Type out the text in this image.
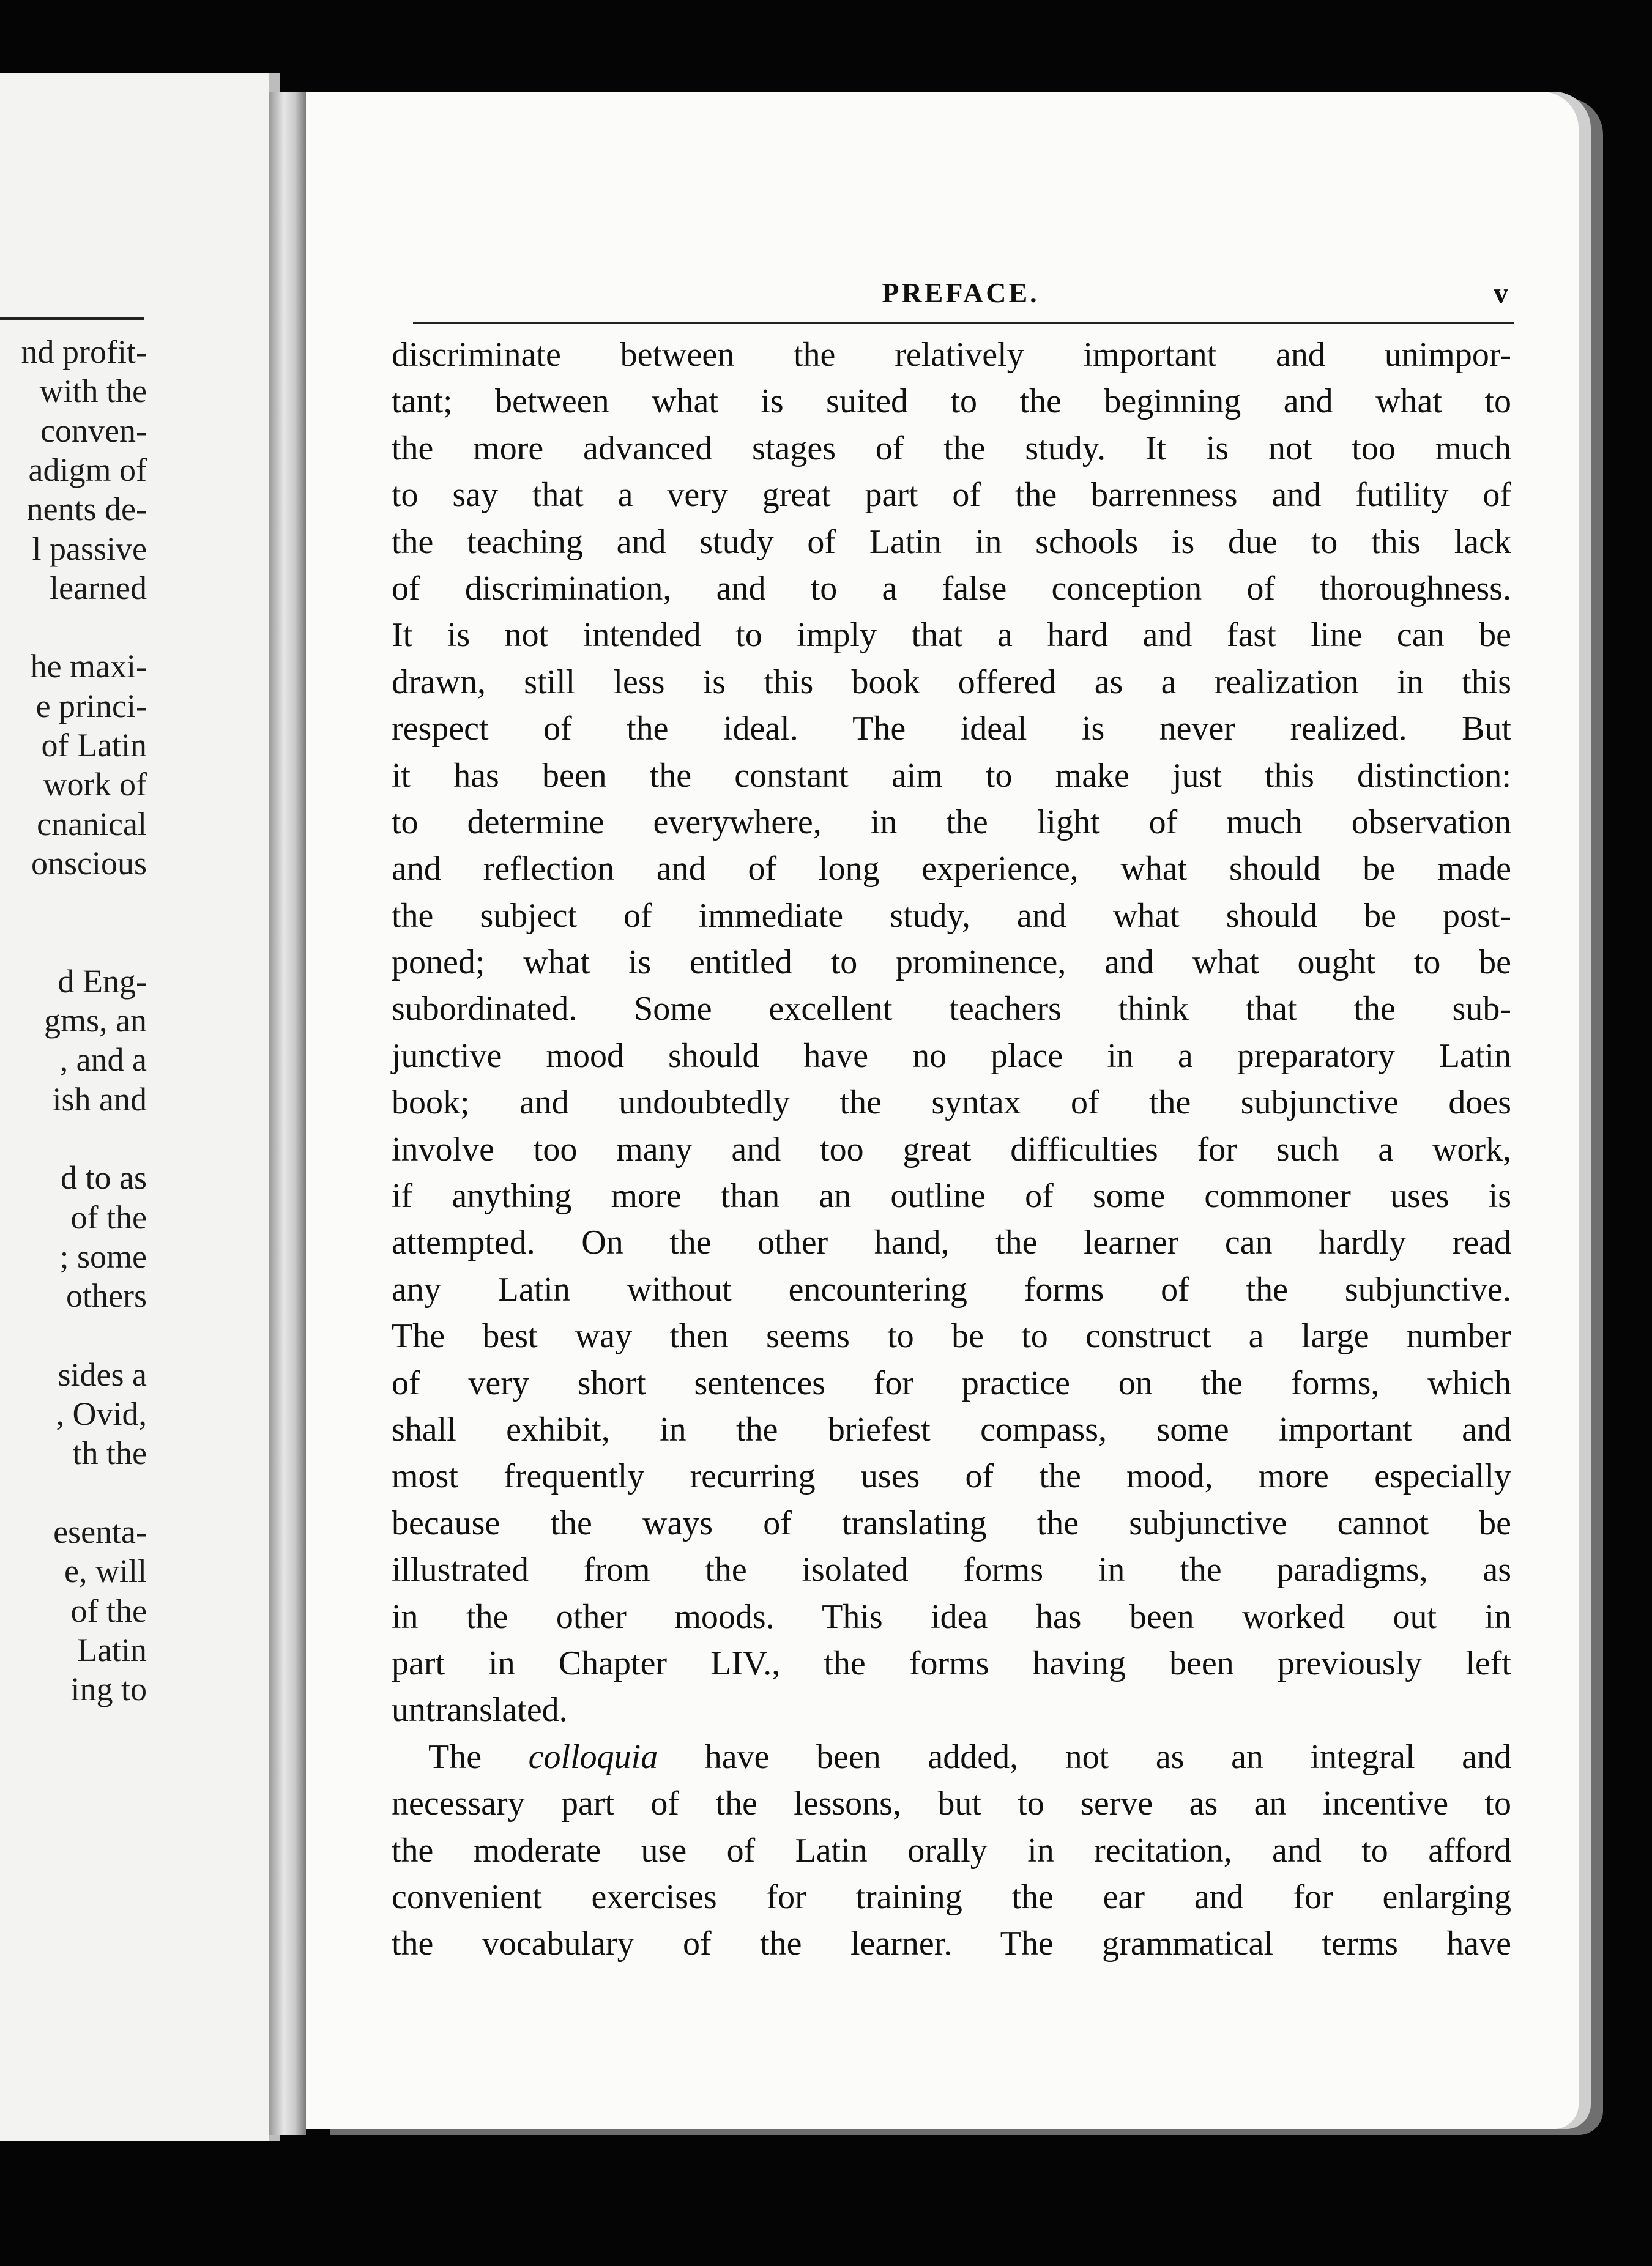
nd profit-
with the
conven-
adigm of
nents de-
l passive
learned
he maxi-
e princi-
of Latin
work of
cnanical
onscious
d Eng-
gms, an
, and a
ish and
d to as
of the
; some
others
sides a
, Ovid,
th the
esenta-
e, will
of the
Latin
ing to
PREFACE.	v
discriminate between the relatively important and unimpor-
tant; between what is suited to the beginning and what to
the more advanced stages of the study. It is not too much
to say that a very great part of the barrenness and futility of
the teaching and study of Latin in schools is due to this lack
of discrimination, and to a false conception of thoroughness.
It is not intended to imply that a hard and fast line can be
drawn, still less is this book offered as a realization in this
respect of the ideal. The ideal is never realized. But
it has been the constant aim to make just this distinction:
to determine everywhere, in the light of much observation
and reflection and of long experience, what should be made
the subject of immediate study, and what should be post-
poned; what is entitled to prominence, and what ought to be
subordinated. Some excellent teachers think that the sub-
junctive mood should have no place in a preparatory Latin
book; and undoubtedly the syntax of the subjunctive does
involve too many and too great difficulties for such a work,
if anything more than an outline of some commoner uses is
attempted. On the other hand, the learner can hardly read
any Latin without encountering forms of the subjunctive.
The best way then seems to be to construct a large number
of very short sentences for practice on the forms, which
shall exhibit, in the briefest compass, some important and
most frequently recurring uses of the mood, more especially
because the ways of translating the subjunctive cannot be
illustrated from the isolated forms in the paradigms, as
in the other moods. This idea has been worked out in
part in Chapter LIV., the forms having been previously left
untranslated.
The colloquia have been added, not as an integral and
necessary part of the lessons, but to serve as an incentive to
the moderate use of Latin orally in recitation, and to afford
convenient exercises for training the ear and for enlarging
the vocabulary of the learner. The grammatical terms have
